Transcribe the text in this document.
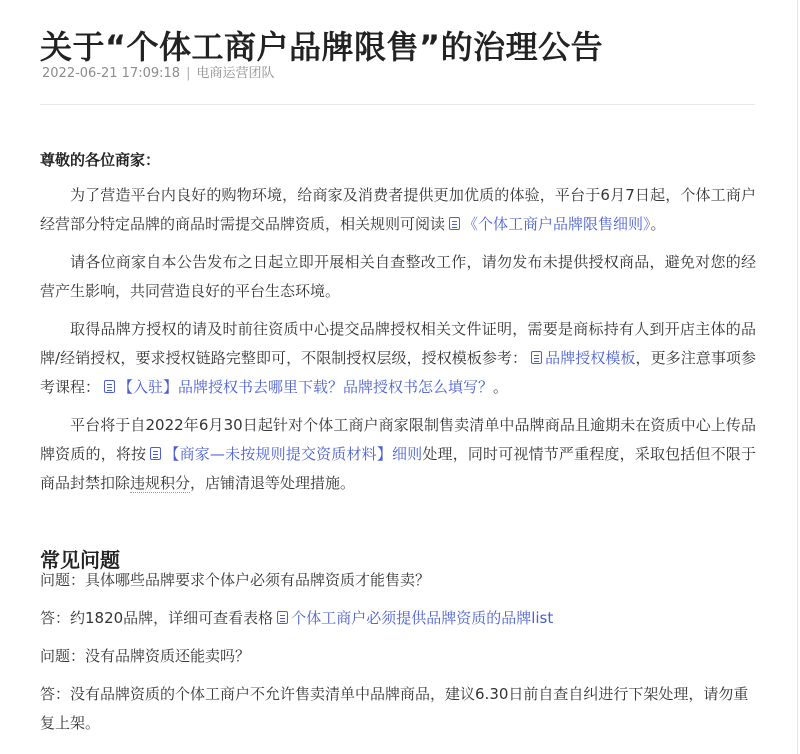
关于“个体工商户品牌限售”的治理公告
2022-06-21 17:09:18 | 电商运营团队

尊敬的各位商家：

为了营造平台内良好的购物环境，给商家及消费者提供更加优质的体验，平台于6月7日起，个体工商户经营部分特定品牌的商品时需提交品牌资质，相关规则可阅读 《个体工商户品牌限售细则》。

请各位商家自本公告发布之日起立即开展相关自查整改工作，请勿发布未提供授权商品，避免对您的经营产生影响，共同营造良好的平台生态环境。

取得品牌方授权的请及时前往资质中心提交品牌授权相关文件证明，需要是商标持有人到开店主体的品牌/经销授权，要求授权链路完整即可，不限制授权层级，授权模板参考： 品牌授权模板，更多注意事项参考课程： 【入驻】品牌授权书去哪里下载？品牌授权书怎么填写？。

平台将于自2022年6月30日起针对个体工商户商家限制售卖清单中品牌商品且逾期未在资质中心上传品牌资质的，将按 【商家—未按规则提交资质材料】细则处理，同时可视情节严重程度，采取包括但不限于商品封禁扣除违规积分，店铺清退等处理措施。

常见问题

问题：具体哪些品牌要求个体户必须有品牌资质才能售卖？

答：约1820品牌，详细可查看表格 个体工商户必须提供品牌资质的品牌list

问题：没有品牌资质还能卖吗？

答：没有品牌资质的个体工商户不允许售卖清单中品牌商品，建议6.30日前自查自纠进行下架处理，请勿重复上架。
